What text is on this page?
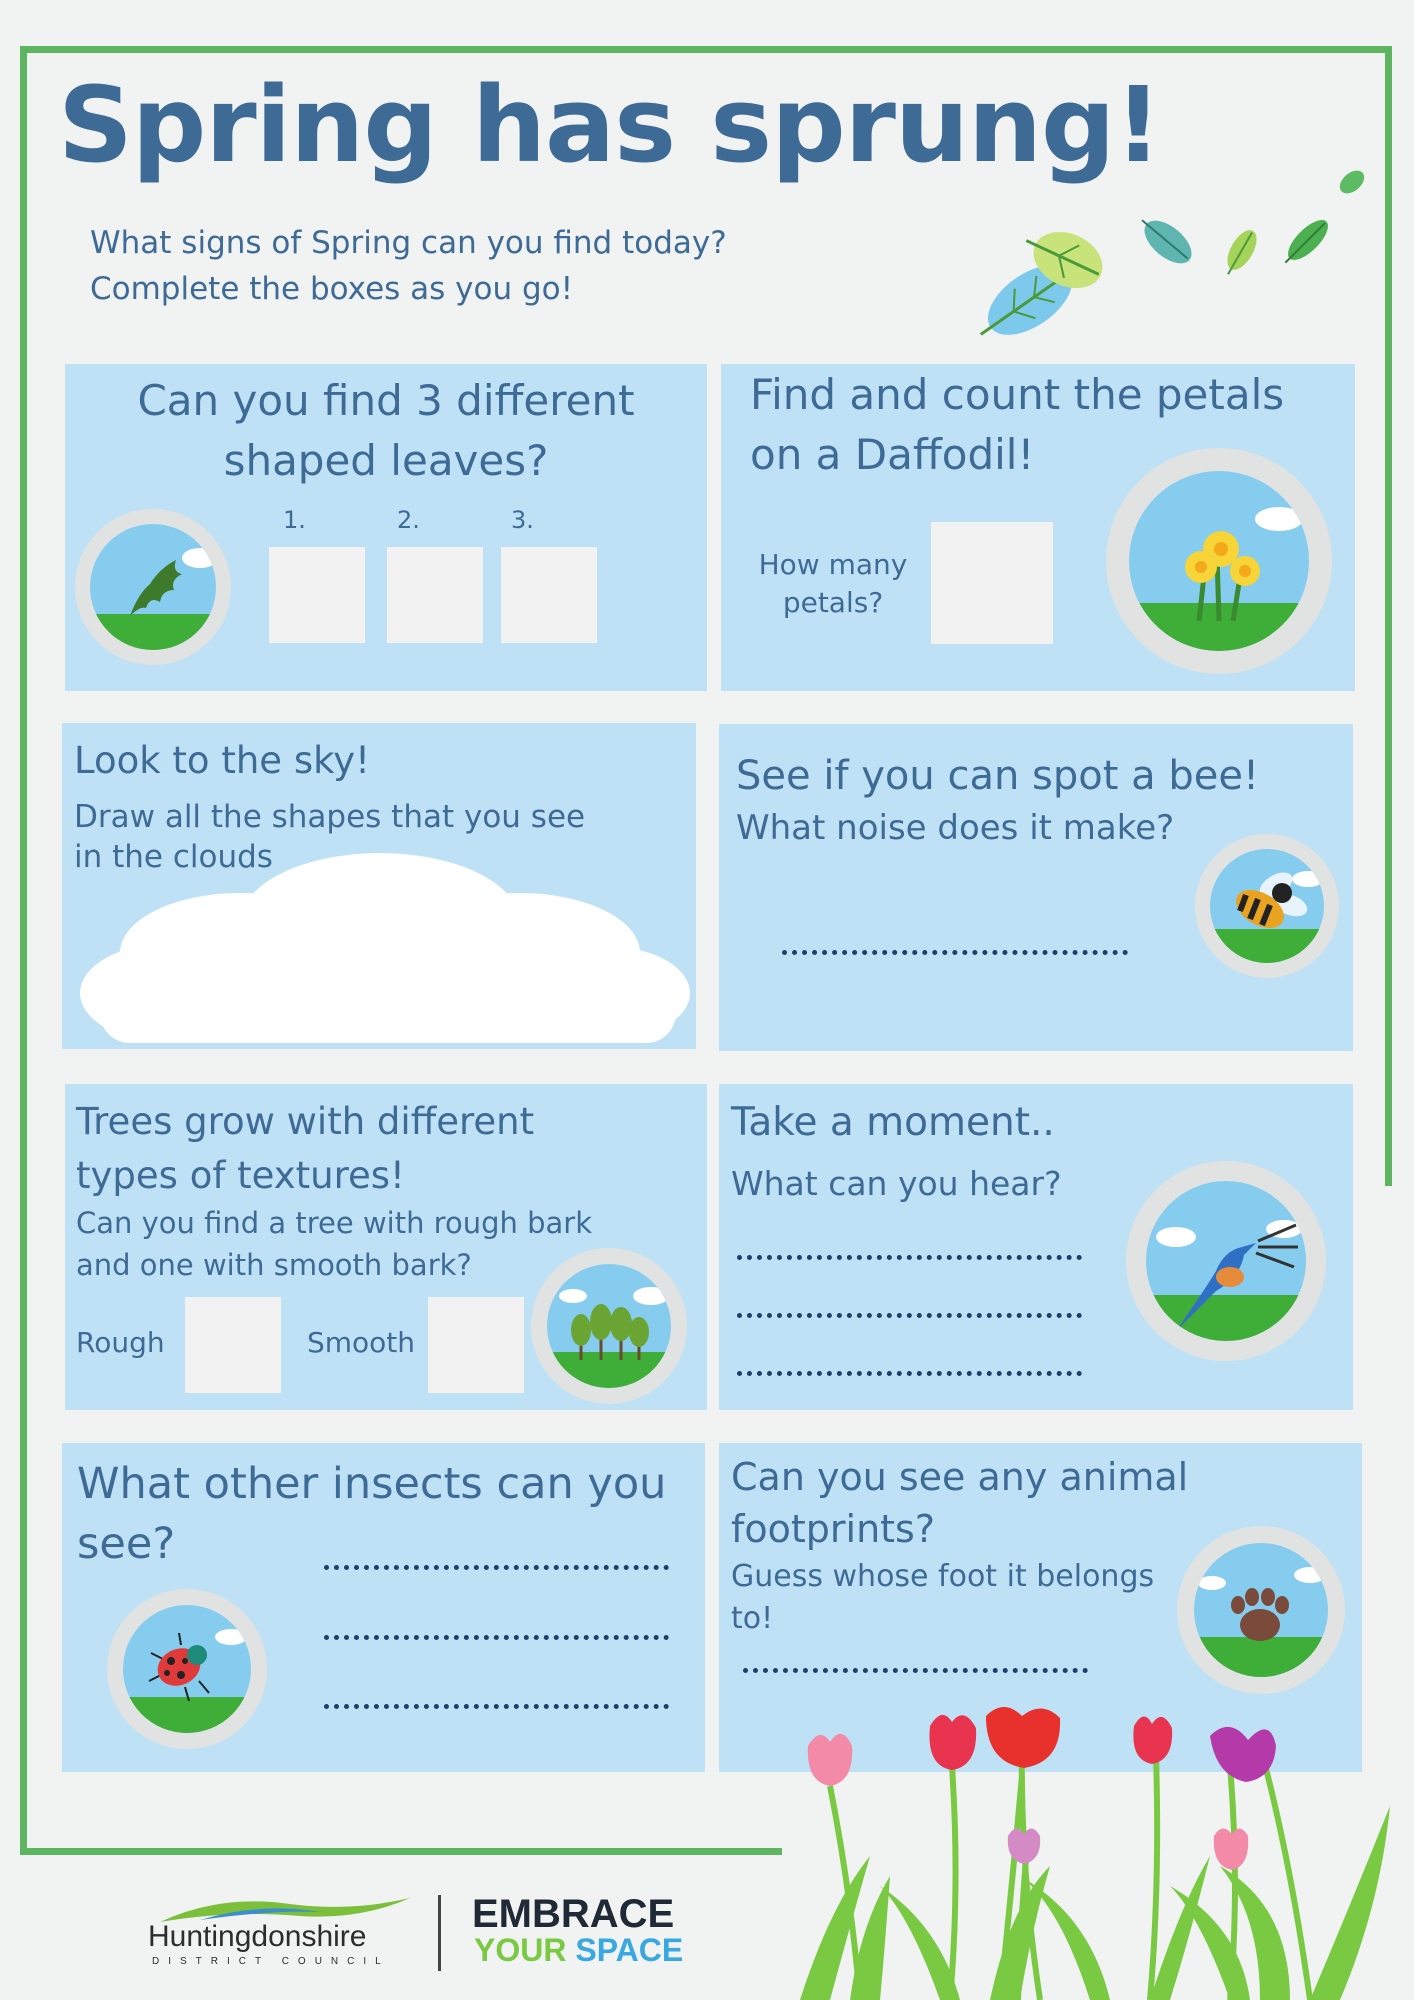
Spring has sprung!
What signs of Spring can you find today?
Complete the boxes as you go!
Can you find 3 different
shaped leaves?
1.	2.	3.
Find and count the petals
on a Daffodil!
How many
petals?
Look to the sky!
Draw all the shapes that you see
in the clouds
See if you can spot a bee!
What noise does it make?
Trees grow with different
types of textures!
Can you find a tree with rough bark
and one with smooth bark?
Rough	Smooth
Take a moment..
What can you hear?
What other insects can you
see?
Can you see any animal
footprints?
Guess whose foot it belongs
to!
Huntingdonshire
DISTRICT COUNCIL
EMBRACE
YOUR SPACE
